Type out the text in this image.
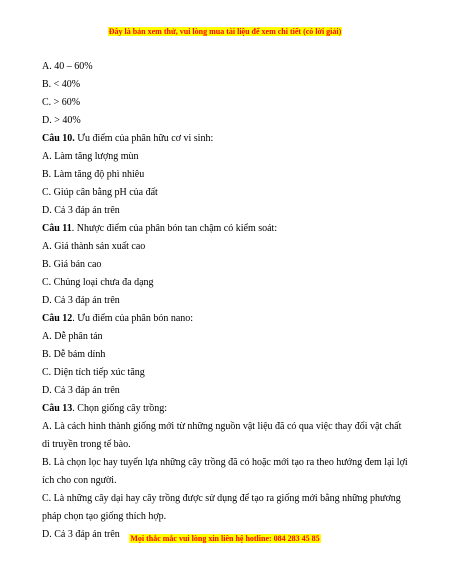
Đây là bản xem thử, vui lòng mua tài liệu để xem chi tiết (có lời giải)
A. 40 – 60%
B. < 40%
C. > 60%
D. > 40%
Câu 10. Ưu điểm của phân hữu cơ vi sinh:
A. Làm tăng lượng mùn
B. Làm tăng độ phì nhiêu
C. Giúp cân bằng pH của đất
D. Cả 3 đáp án trên
Câu 11. Nhược điểm của phân bón tan chậm có kiểm soát:
A. Giá thành sản xuất cao
B. Giá bán cao
C. Chủng loại chưa đa dạng
D. Cả 3 đáp án trên
Câu 12. Ưu điểm của phân bón nano:
A. Dễ phân tán
B. Dễ bám dính
C. Diện tích tiếp xúc tăng
D. Cả 3 đáp án trên
Câu 13. Chọn giống cây trồng:
A. Là cách hình thành giống mới từ những nguồn vật liệu đã có qua việc thay đổi vật chất di truyền trong tế bào.
B. Là chọn lọc hay tuyển lựa những cây trồng đã có hoặc mới tạo ra theo hướng đem lại lợi ích cho con người.
C. Là những cây dại hay cây trồng được sử dụng để tạo ra giống mới bằng những phương pháp chọn tạo giống thích hợp.
D. Cả 3 đáp án trên	Mọi thắc mắc vui lòng xin liên hệ hotline: 084 283 45 85
